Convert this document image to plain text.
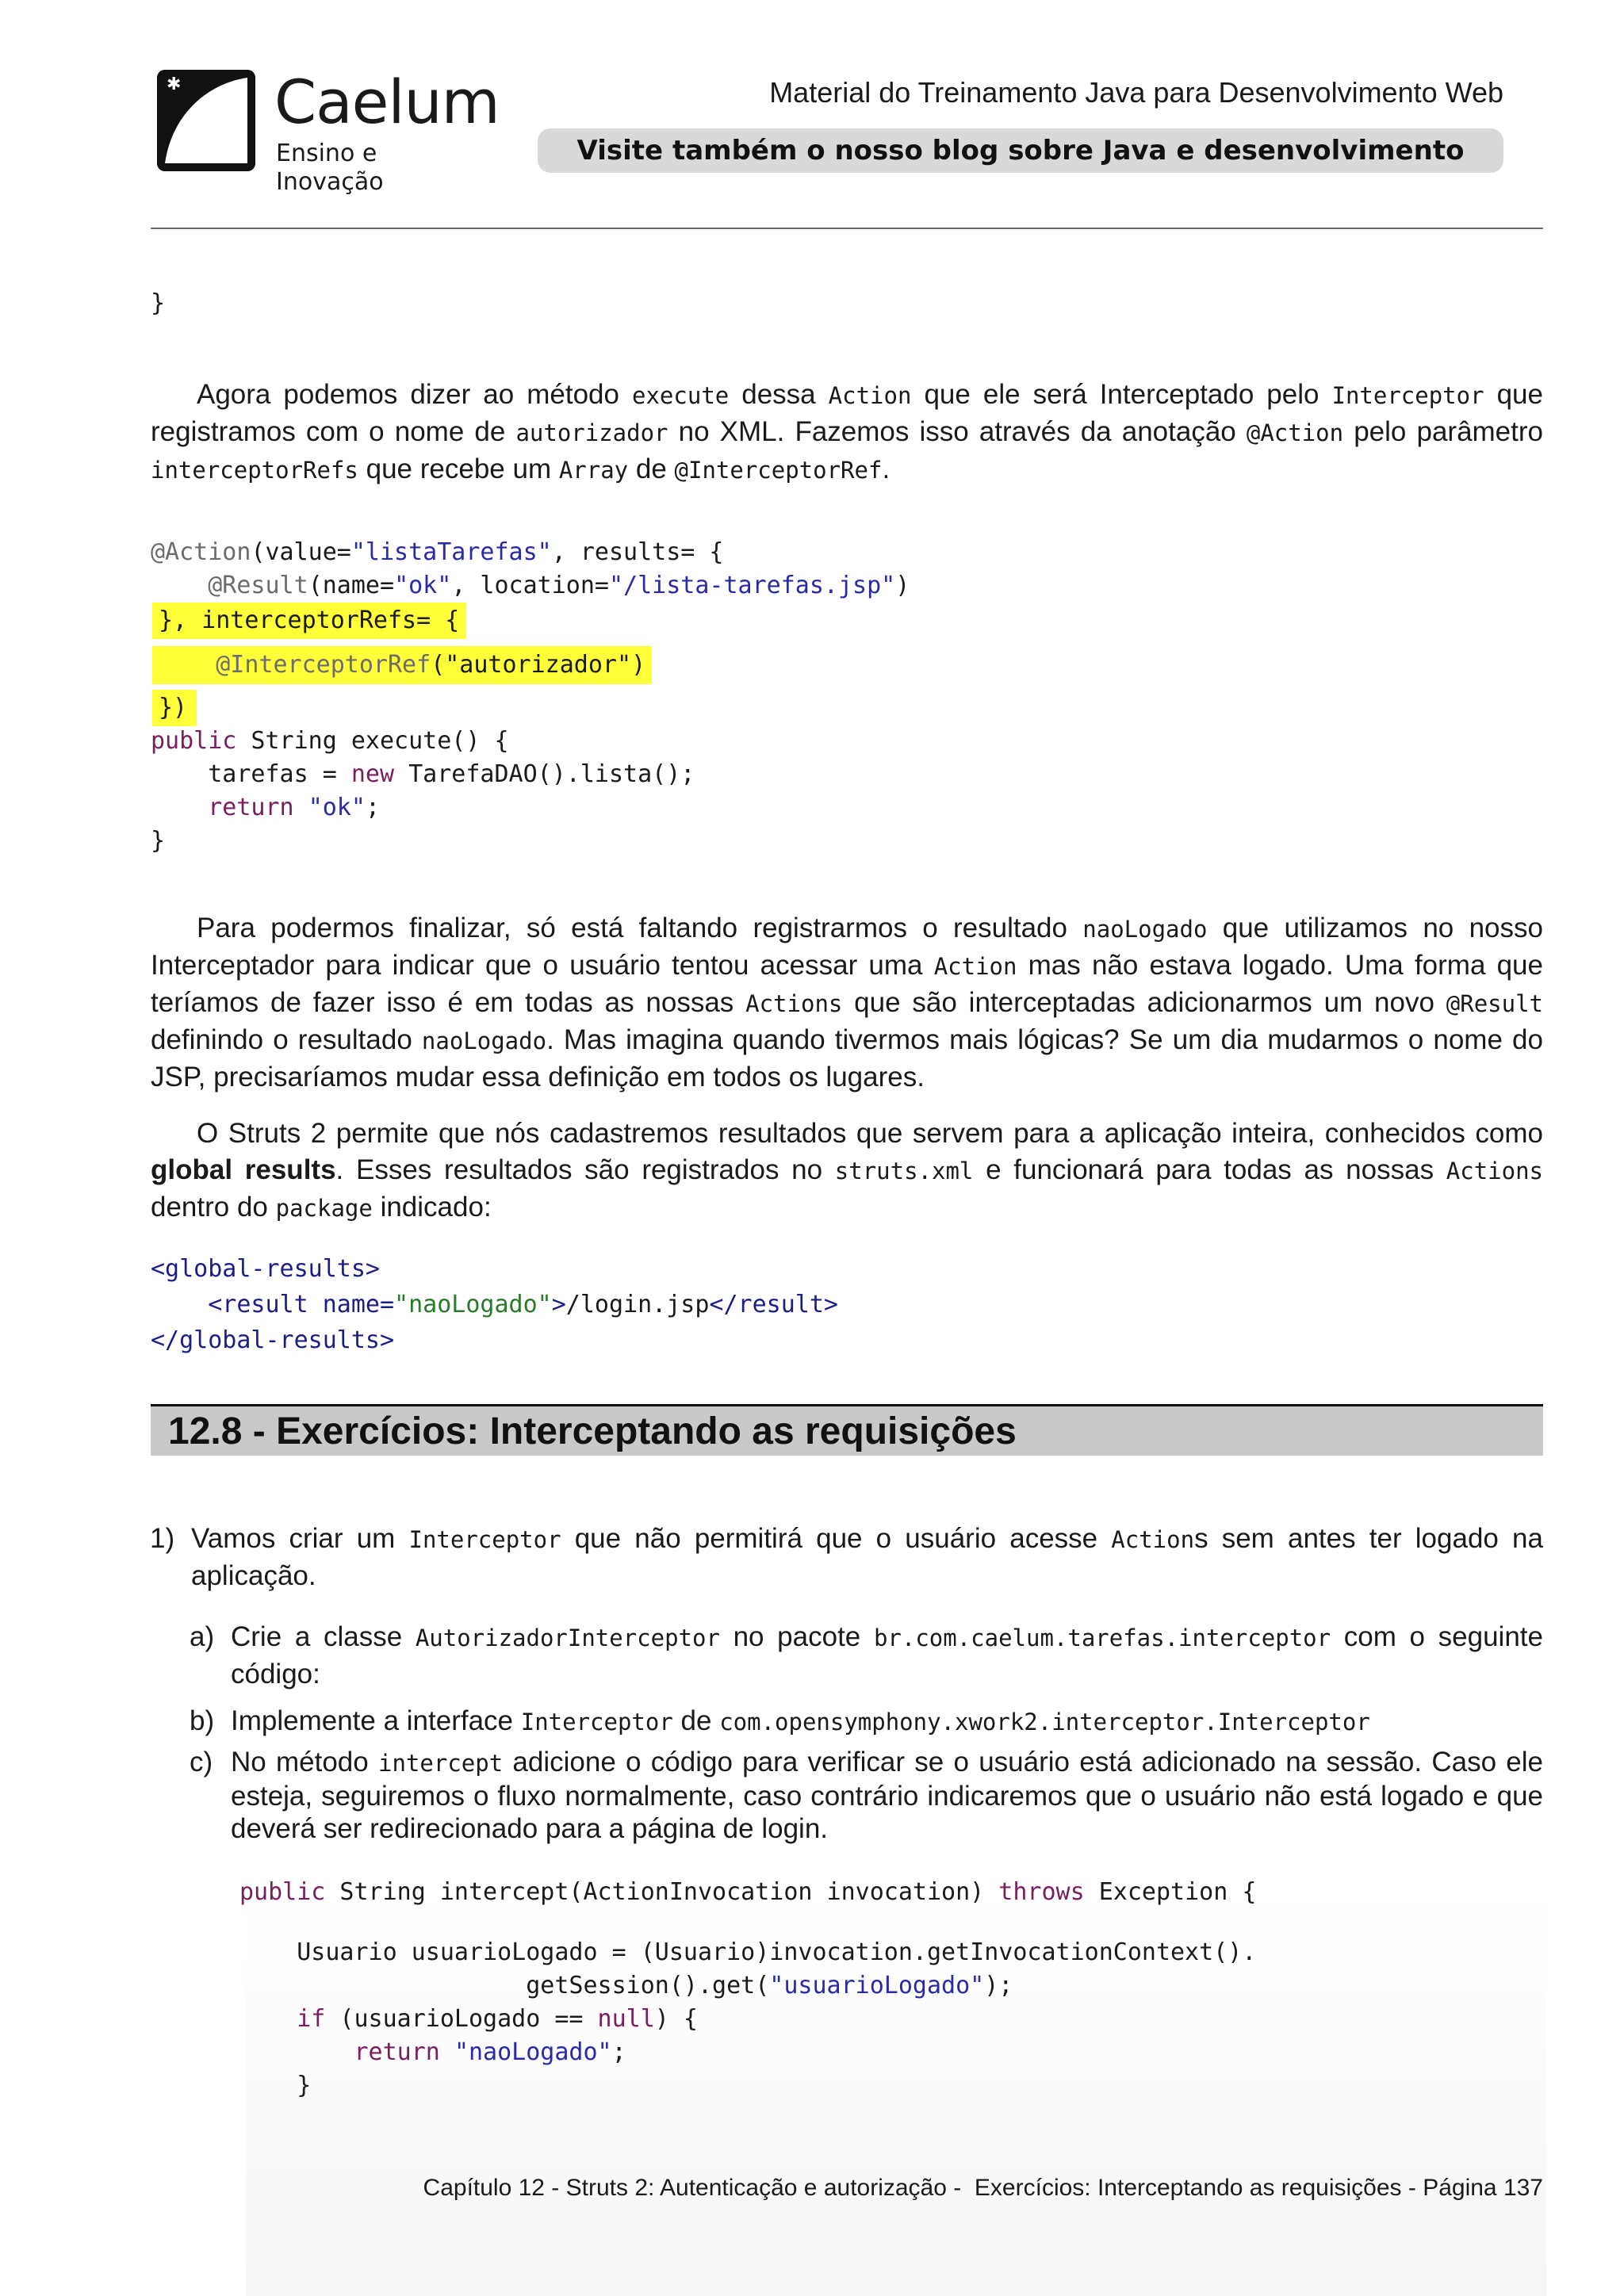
✱ Caelum
Ensino e Inovação
Material do Treinamento Java para Desenvolvimento Web
Visite também o nosso blog sobre Java e desenvolvimento
}
Agora podemos dizer ao método execute dessa Action que ele será Interceptado pelo Interceptor que registramos com o nome de autorizador no XML. Fazemos isso através da anotação @Action pelo parâmetro interceptorRefs que recebe um Array de @InterceptorRef.
@Action(value="listaTarefas", results= {
@Result(name="ok", location="/lista-tarefas.jsp")
}, interceptorRefs= {
@InterceptorRef("autorizador")
})
public String execute() {
tarefas = new TarefaDAO().lista();
return "ok";
}
Para podermos finalizar, só está faltando registrarmos o resultado naoLogado que utilizamos no nosso Interceptador para indicar que o usuário tentou acessar uma Action mas não estava logado. Uma forma que teríamos de fazer isso é em todas as nossas Actions que são interceptadas adicionarmos um novo @Result definindo o resultado naoLogado. Mas imagina quando tivermos mais lógicas? Se um dia mudarmos o nome do JSP, precisaríamos mudar essa definição em todos os lugares.
O Struts 2 permite que nós cadastremos resultados que servem para a aplicação inteira, conhecidos como global results. Esses resultados são registrados no struts.xml e funcionará para todas as nossas Actions dentro do package indicado:
<global-results>
<result name="naoLogado">/login.jsp</result>
</global-results>
12.8 - Exercícios: Interceptando as requisições
1) Vamos criar um Interceptor que não permitirá que o usuário acesse Actions sem antes ter logado na aplicação.
a) Crie a classe AutorizadorInterceptor no pacote br.com.caelum.tarefas.interceptor com o seguinte código:
b) Implemente a interface Interceptor de com.opensymphony.xwork2.interceptor.Interceptor
c) No método intercept adicione o código para verificar se o usuário está adicionado na sessão. Caso ele esteja, seguiremos o fluxo normalmente, caso contrário indicaremos que o usuário não está logado e que deverá ser redirecionado para a página de login.
public String intercept(ActionInvocation invocation) throws Exception {
Usuario usuarioLogado = (Usuario)invocation.getInvocationContext().
getSession().get("usuarioLogado");
if (usuarioLogado == null) {
return "naoLogado";
}
Capítulo 12 - Struts 2: Autenticação e autorização -  Exercícios: Interceptando as requisições - Página 137
